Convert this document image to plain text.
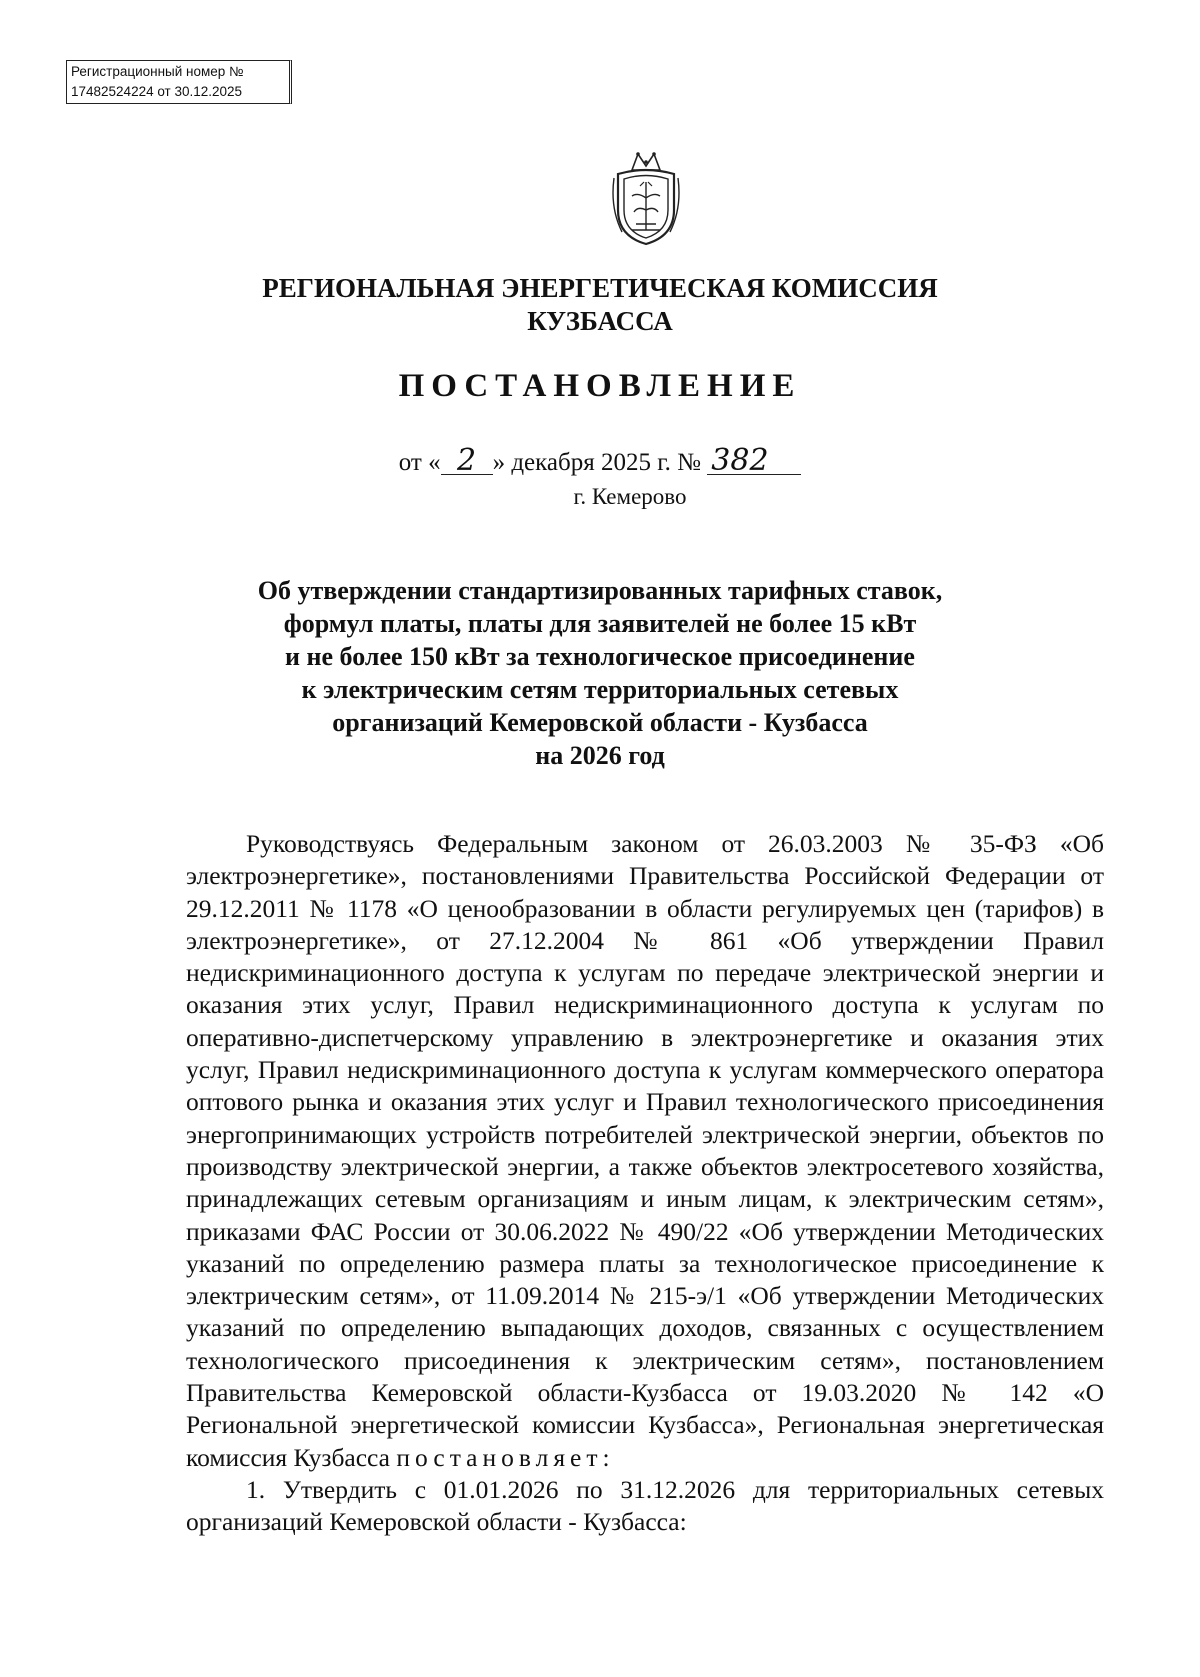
Регистрационный номер №
17482524224 от 30.12.2025
РЕГИОНАЛЬНАЯ ЭНЕРГЕТИЧЕСКАЯ КОМИССИЯ
КУЗБАССА
ПОСТАНОВЛЕНИЕ
от « 2 » декабря 2025 г. № 382
г. Кемерово
Об утверждении стандартизированных тарифных ставок,
формул платы, платы для заявителей не более 15 кВт
и не более 150 кВт за технологическое присоединение
к электрическим сетям территориальных сетевых
организаций Кемеровской области - Кузбасса
на 2026 год

Руководствуясь Федеральным законом от 26.03.2003 № 35-ФЗ «Об электроэнергетике», постановлениями Правительства Российской Федерации от 29.12.2011 № 1178 «О ценообразовании в области регулируемых цен (тарифов) в электроэнергетике», от 27.12.2004 № 861 «Об утверждении Правил недискриминационного доступа к услугам по передаче электрической энергии и оказания этих услуг, Правил недискриминационного доступа к услугам по оперативно-диспетчерскому управлению в электроэнергетике и оказания этих услуг, Правил недискриминационного доступа к услугам коммерческого оператора оптового рынка и оказания этих услуг и Правил технологического присоединения энергопринимающих устройств потребителей электрической энергии, объектов по производству электрической энергии, а также объектов электросетевого хозяйства, принадлежащих сетевым организациям и иным лицам, к электрическим сетям», приказами ФАС России от 30.06.2022 № 490/22 «Об утверждении Методических указаний по определению размера платы за технологическое присоединение к электрическим сетям», от 11.09.2014 № 215-э/1 «Об утверждении Методических указаний по определению выпадающих доходов, связанных с осуществлением технологического присоединения к электрическим сетям», постановлением Правительства Кемеровской области-Кузбасса от 19.03.2020 № 142 «О Региональной энергетической комиссии Кузбасса», Региональная энергетическая комиссия Кузбасса постановляет:

1. Утвердить с 01.01.2026 по 31.12.2026 для территориальных сетевых организаций Кемеровской области - Кузбасса:
